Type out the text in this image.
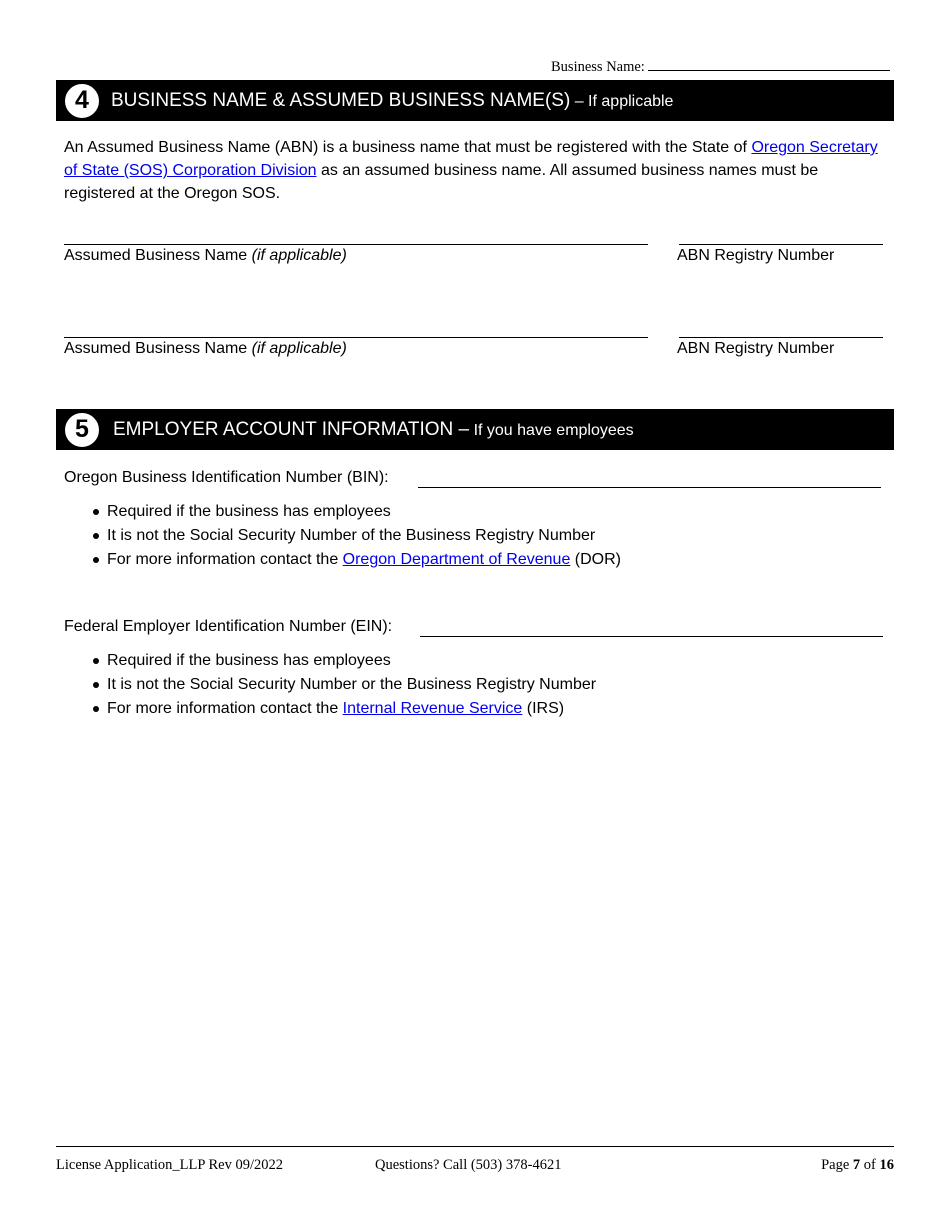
Business Name:
4	BUSINESS NAME & ASSUMED BUSINESS NAME(S) – If applicable
An Assumed Business Name (ABN) is a business name that must be registered with the State of Oregon Secretary of State (SOS) Corporation Division as an assumed business name. All assumed business names must be registered at the Oregon SOS.
Assumed Business Name (if applicable)	ABN Registry Number
Assumed Business Name (if applicable)	ABN Registry Number
5	EMPLOYER ACCOUNT INFORMATION – If you have employees
Oregon Business Identification Number (BIN):
Required if the business has employees
It is not the Social Security Number of the Business Registry Number
For more information contact the Oregon Department of Revenue (DOR)
Federal Employer Identification Number (EIN):
Required if the business has employees
It is not the Social Security Number or the Business Registry Number
For more information contact the Internal Revenue Service (IRS)
License Application_LLP Rev 09/2022	Questions? Call (503) 378-4621	Page 7 of 16
